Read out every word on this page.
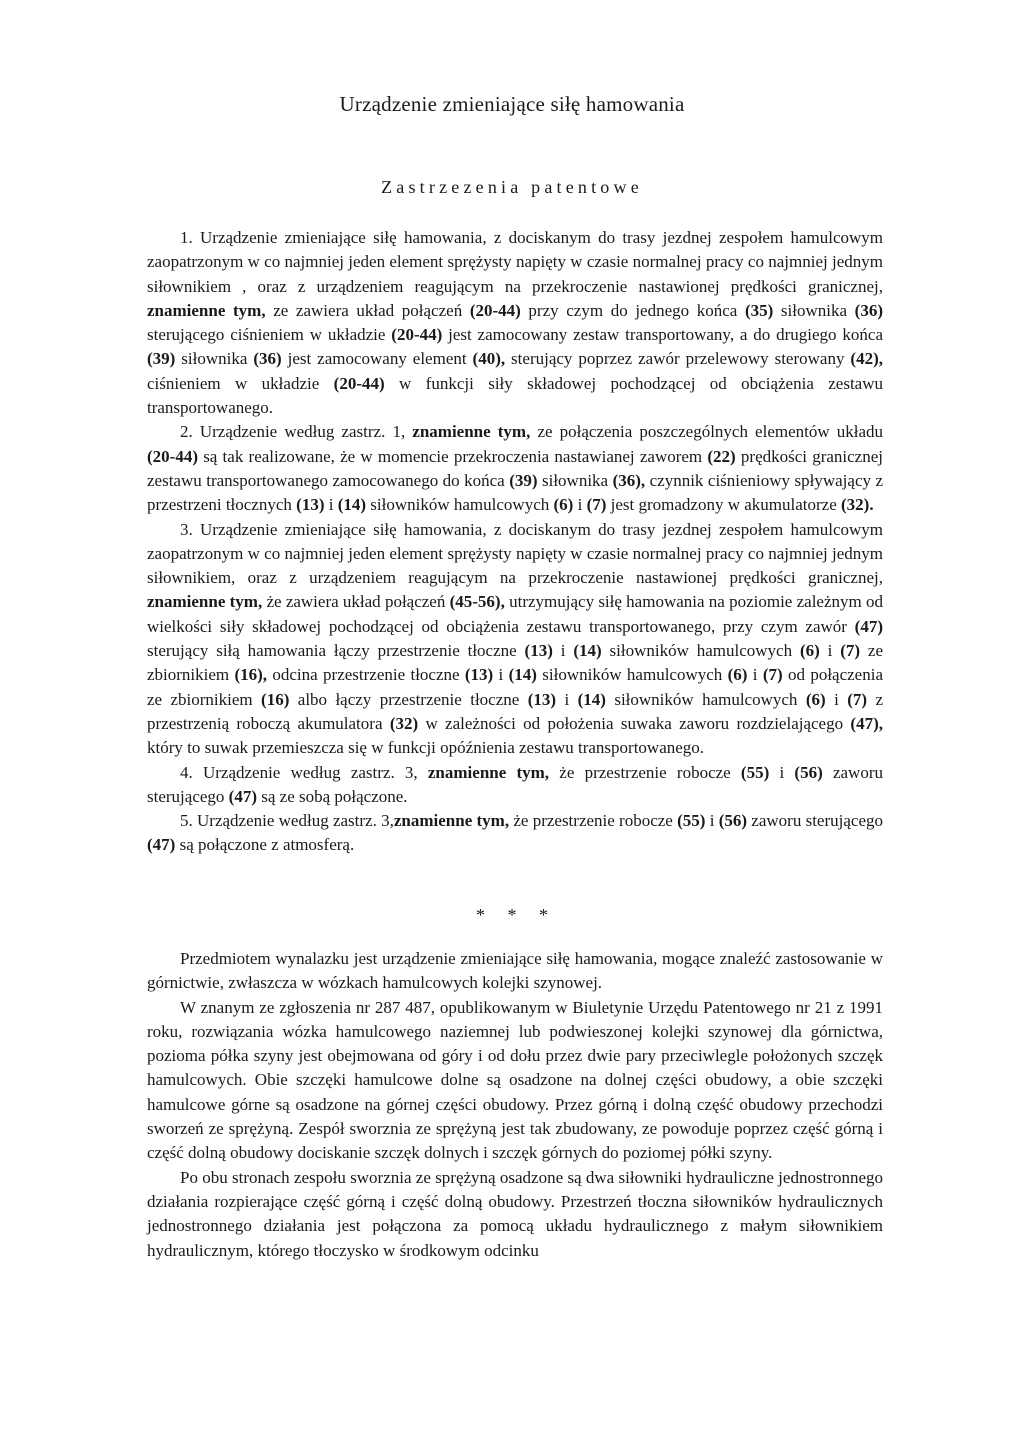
Urządzenie zmieniające siłę hamowania
Zastrzezenia patentowe

1. Urządzenie zmieniające siłę hamowania, z dociskanym do trasy jezdnej zespołem hamulcowym zaopatrzonym w co najmniej jeden element sprężysty napięty w czasie normalnej pracy co najmniej jednym siłownikiem , oraz z urządzeniem reagującym na przekroczenie nastawionej prędkości granicznej, znamienne tym, ze zawiera układ połączeń (20-44) przy czym do jednego końca (35) siłownika (36) sterującego ciśnieniem w układzie (20-44) jest zamocowany zestaw transportowany, a do drugiego końca (39) siłownika (36) jest zamocowany element (40), sterujący poprzez zawór przelewowy sterowany (42), ciśnieniem w układzie (20-44) w funkcji siły składowej pochodzącej od obciążenia zestawu transportowanego.

2. Urządzenie według zastrz. 1, znamienne tym, ze połączenia poszczególnych elementów układu (20-44) są tak realizowane, że w momencie przekroczenia nastawianej zaworem (22) prędkości granicznej zestawu transportowanego zamocowanego do końca (39) siłownika (36), czynnik ciśnieniowy spływający z przestrzeni tłocznych (13) i (14) siłowników hamulcowych (6) i (7) jest gromadzony w akumulatorze (32).

3. Urządzenie zmieniające siłę hamowania, z dociskanym do trasy jezdnej zespołem hamulcowym zaopatrzonym w co najmniej jeden element sprężysty napięty w czasie normalnej pracy co najmniej jednym siłownikiem, oraz z urządzeniem reagującym na przekroczenie nastawionej prędkości granicznej, znamienne tym, że zawiera układ połączeń (45-56), utrzymujący siłę hamowania na poziomie zależnym od wielkości siły składowej pochodzącej od obciążenia zestawu transportowanego, przy czym zawór (47) sterujący siłą hamowania łączy przestrzenie tłoczne (13) i (14) siłowników hamulcowych (6) i (7) ze zbiornikiem (16), odcina przestrzenie tłoczne (13) i (14) siłowników hamulcowych (6) i (7) od połączenia ze zbiornikiem (16) albo łączy przestrzenie tłoczne (13) i (14) siłowników hamulcowych (6) i (7) z przestrzenią roboczą akumulatora (32) w zależności od położenia suwaka zaworu rozdzielającego (47), który to suwak przemieszcza się w funkcji opóźnienia zestawu transportowanego.

4. Urządzenie według zastrz. 3, znamienne tym, że przestrzenie robocze (55) i (56) zaworu sterującego (47) są ze sobą połączone.

5. Urządzenie według zastrz. 3,znamienne tym, że przestrzenie robocze (55) i (56) zaworu sterującego (47) są połączone z atmosferą.

* * *

Przedmiotem wynalazku jest urządzenie zmieniające siłę hamowania, mogące znaleźć zastosowanie w górnictwie, zwłaszcza w wózkach hamulcowych kolejki szynowej.

W znanym ze zgłoszenia nr 287 487, opublikowanym w Biuletynie Urzędu Patentowego nr 21 z 1991 roku, rozwiązania wózka hamulcowego naziemnej lub podwieszonej kolejki szynowej dla górnictwa, pozioma półka szyny jest obejmowana od góry i od dołu przez dwie pary przeciwlegle położonych szczęk hamulcowych. Obie szczęki hamulcowe dolne są osadzone na dolnej części obudowy, a obie szczęki hamulcowe górne są osadzone na górnej części obudowy. Przez górną i dolną część obudowy przechodzi sworzeń ze sprężyną. Zespół sworznia ze sprężyną jest tak zbudowany, ze powoduje poprzez część górną i część dolną obudowy dociskanie szczęk dolnych i szczęk górnych do poziomej półki szyny.

Po obu stronach zespołu sworznia ze sprężyną osadzone są dwa siłowniki hydrauliczne jednostronnego działania rozpierające część górną i część dolną obudowy. Przestrzeń tłoczna siłowników hydraulicznych jednostronnego działania jest połączona za pomocą układu hydraulicznego z małym siłownikiem hydraulicznym, którego tłoczysko w środkowym odcinku
